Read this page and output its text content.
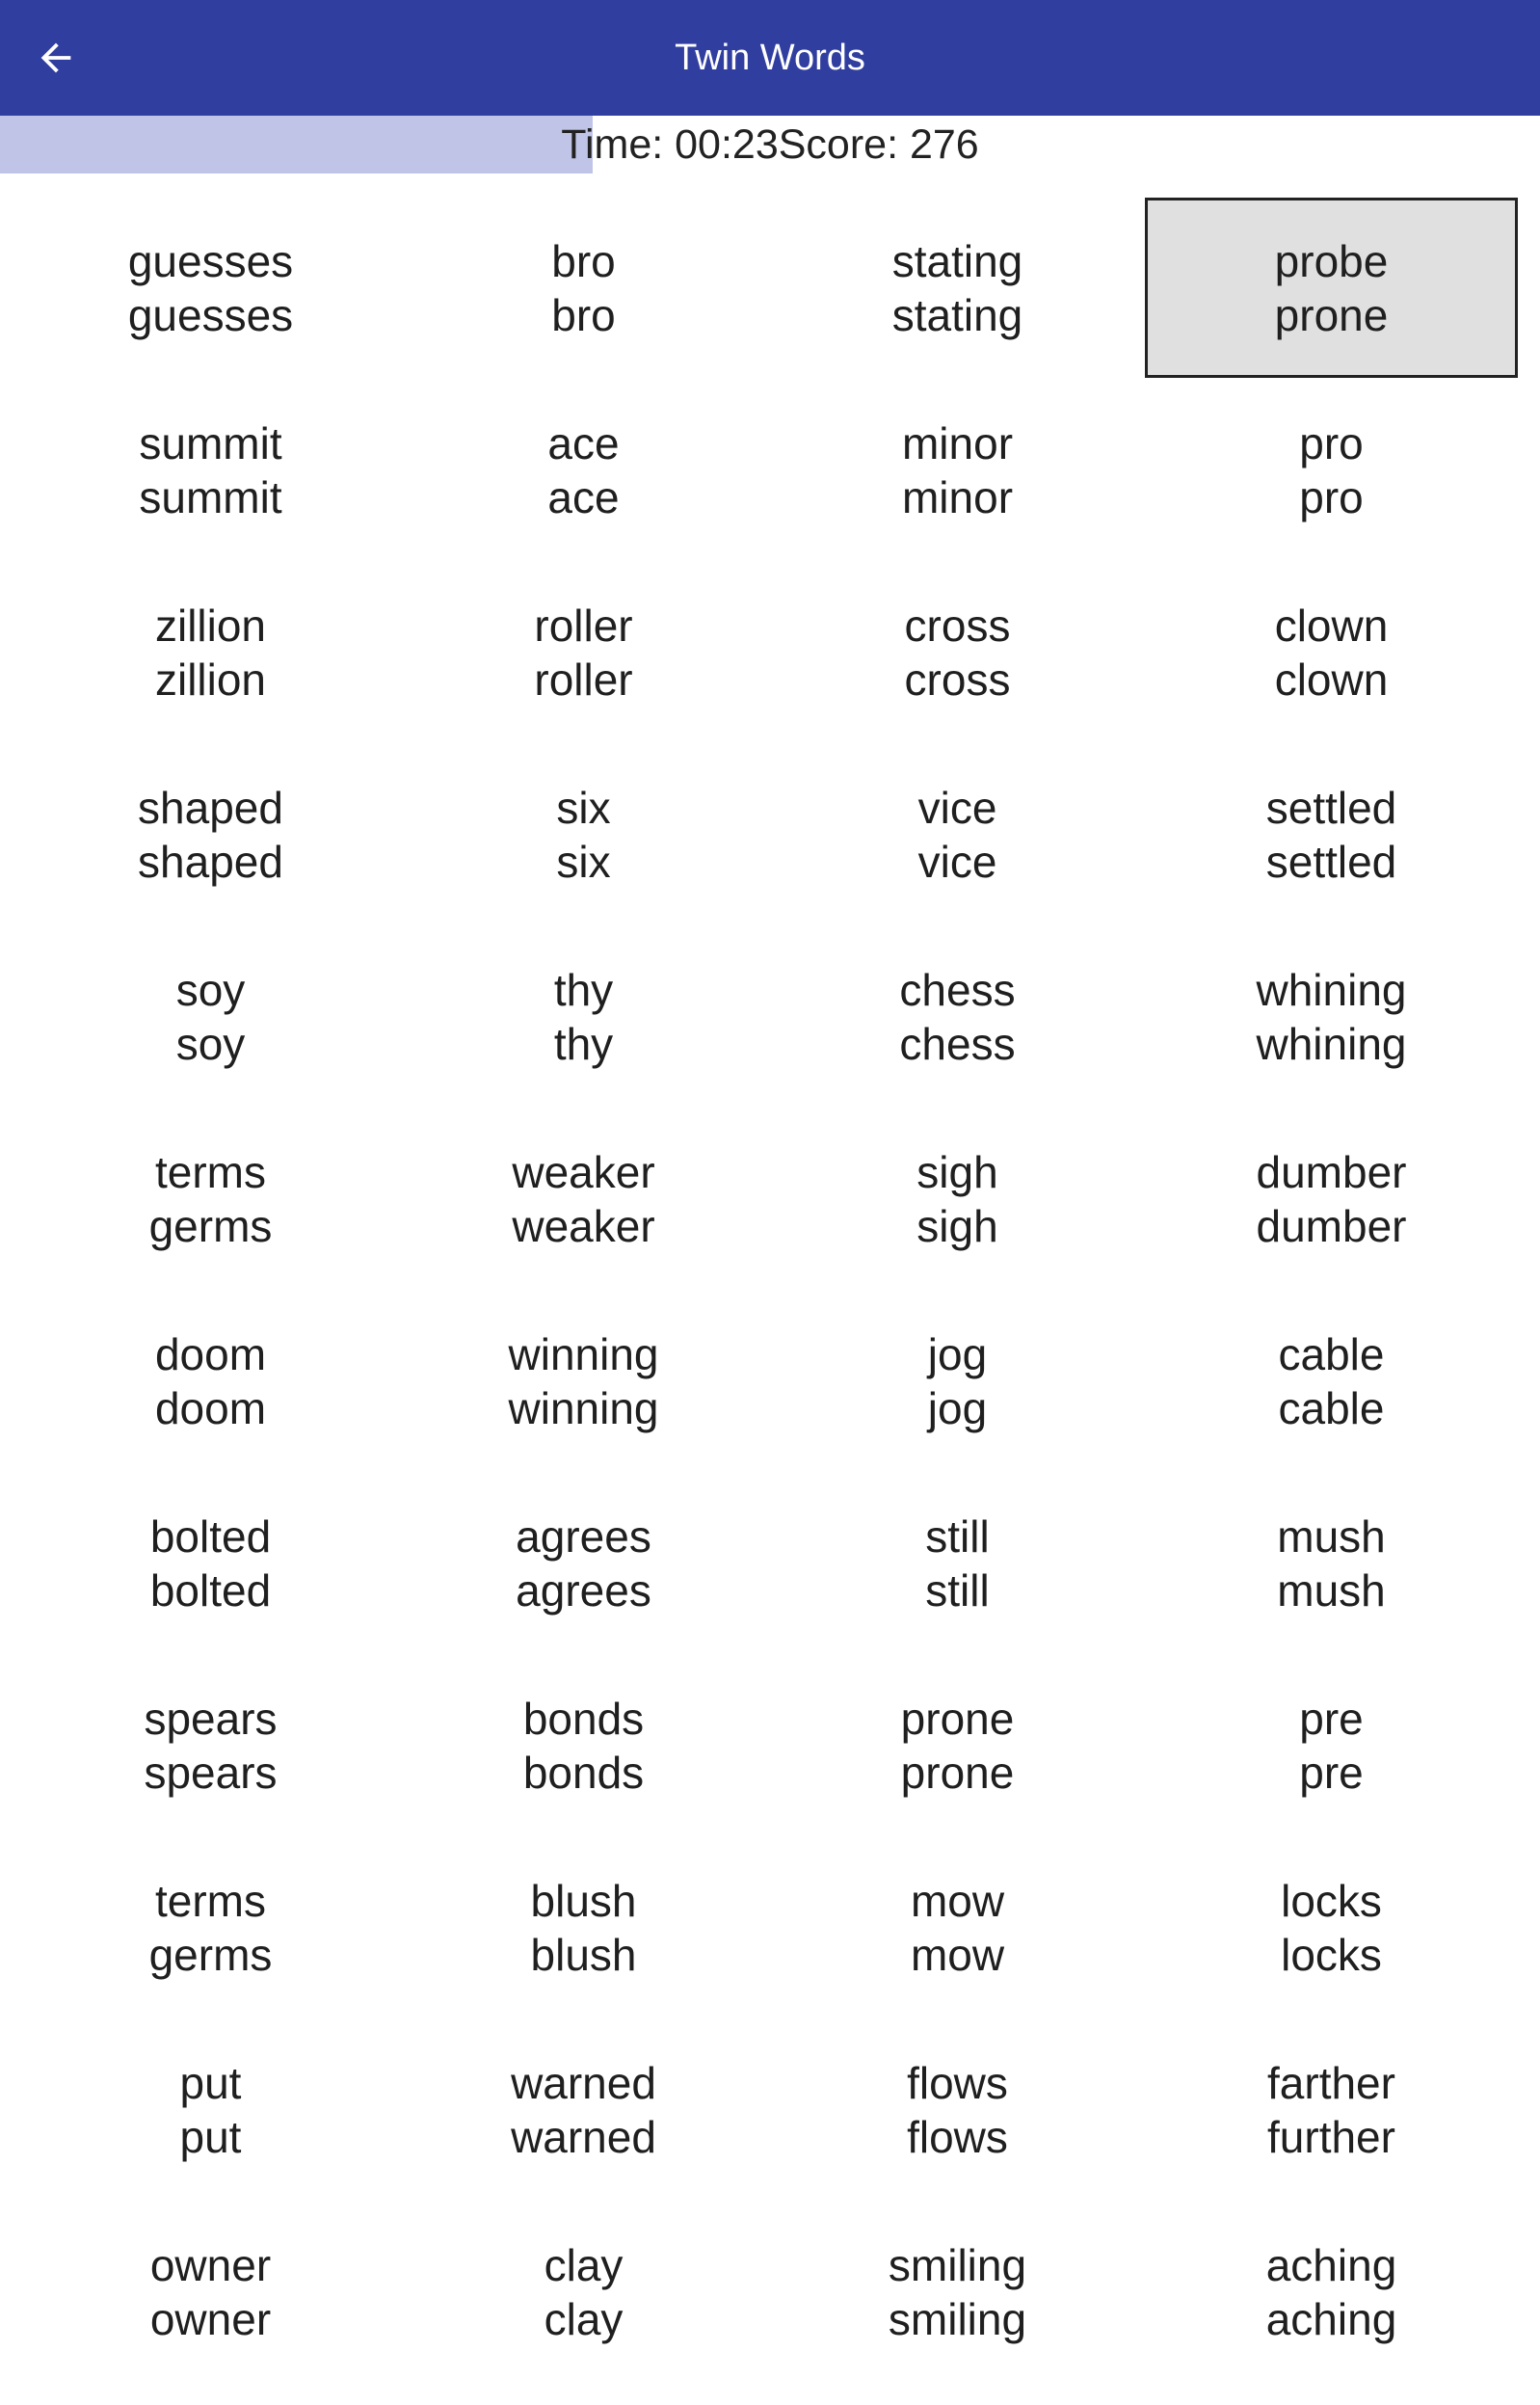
Twin Words
Time: 00:23 Score: 276
guesses
guesses
bro
bro
stating
stating
probe
prone
summit
summit
ace
ace
minor
minor
pro
pro
zillion
zillion
roller
roller
cross
cross
clown
clown
shaped
shaped
six
six
vice
vice
settled
settled
soy
soy
thy
thy
chess
chess
whining
whining
terms
germs
weaker
weaker
sigh
sigh
dumber
dumber
doom
doom
winning
winning
jog
jog
cable
cable
bolted
bolted
agrees
agrees
still
still
mush
mush
spears
spears
bonds
bonds
prone
prone
pre
pre
terms
germs
blush
blush
mow
mow
locks
locks
put
put
warned
warned
flows
flows
farther
further
owner
owner
clay
clay
smiling
smiling
aching
aching
